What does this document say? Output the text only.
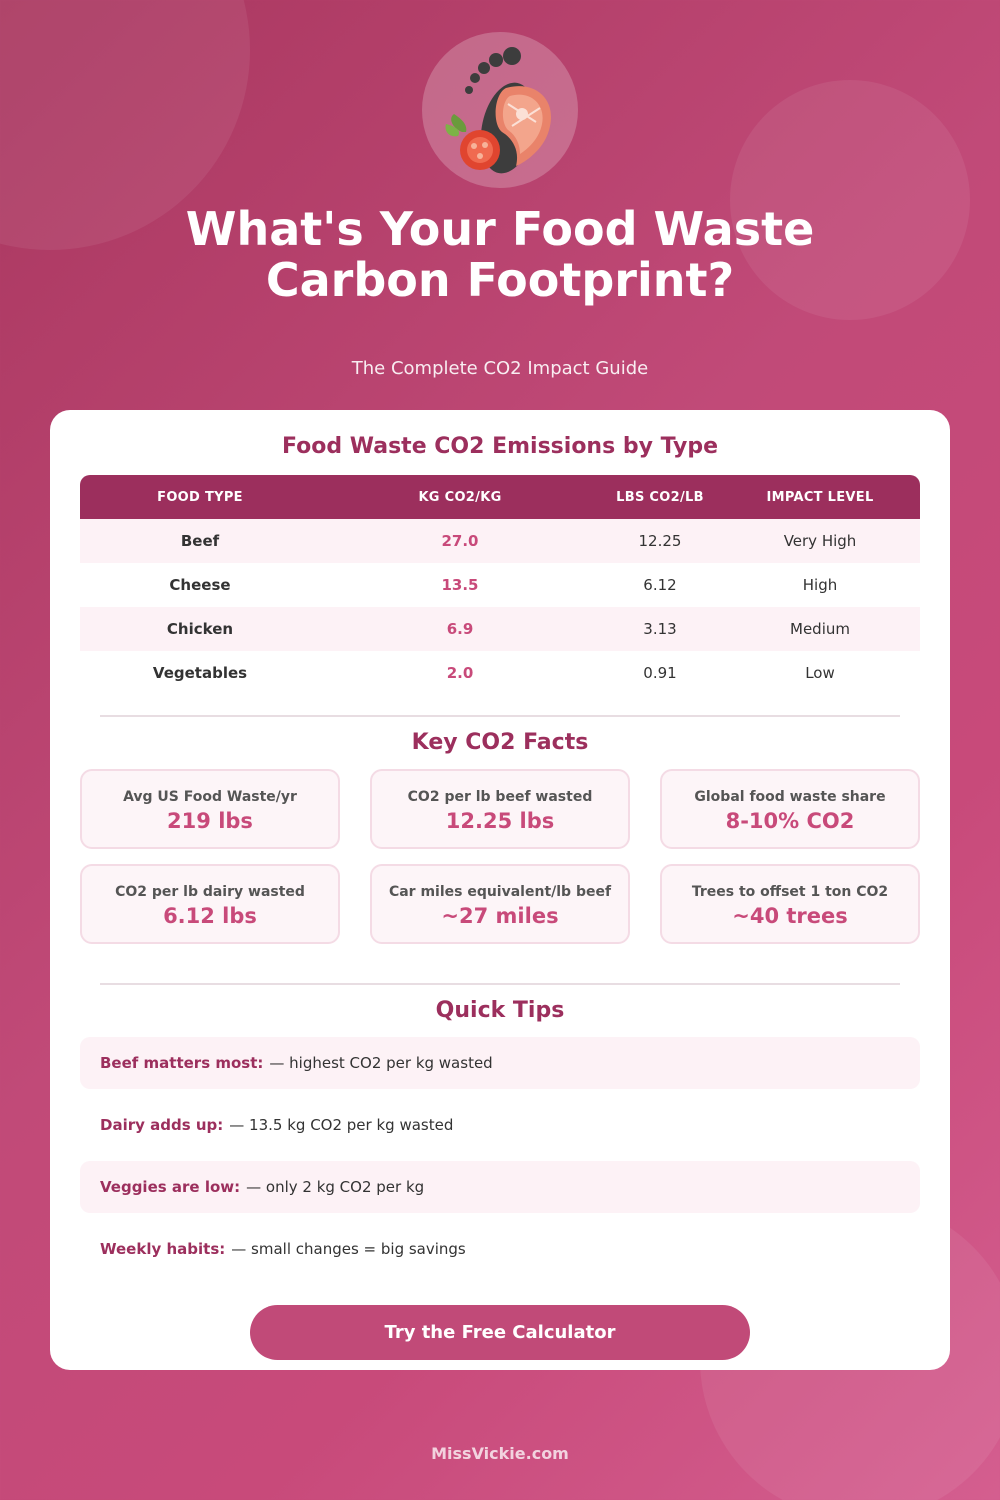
What's Your Food Waste
Carbon Footprint?
The Complete CO2 Impact Guide
Food Waste CO2 Emissions by Type
FOOD TYPE	KG CO2/KG	LBS CO2/LB	IMPACT LEVEL
Beef	27.0	12.25	Very High
Cheese	13.5	6.12	High
Chicken	6.9	3.13	Medium
Vegetables	2.0	0.91	Low
Key CO2 Facts
Avg US Food Waste/yr
219 lbs
CO2 per lb beef wasted
12.25 lbs
Global food waste share
8-10% CO2
CO2 per lb dairy wasted
6.12 lbs
Car miles equivalent/lb beef
~27 miles
Trees to offset 1 ton CO2
~40 trees
Quick Tips
Beef matters most: — highest CO2 per kg wasted
Dairy adds up: — 13.5 kg CO2 per kg wasted
Veggies are low: — only 2 kg CO2 per kg
Weekly habits: — small changes = big savings
Try the Free Calculator
MissVickie.com
